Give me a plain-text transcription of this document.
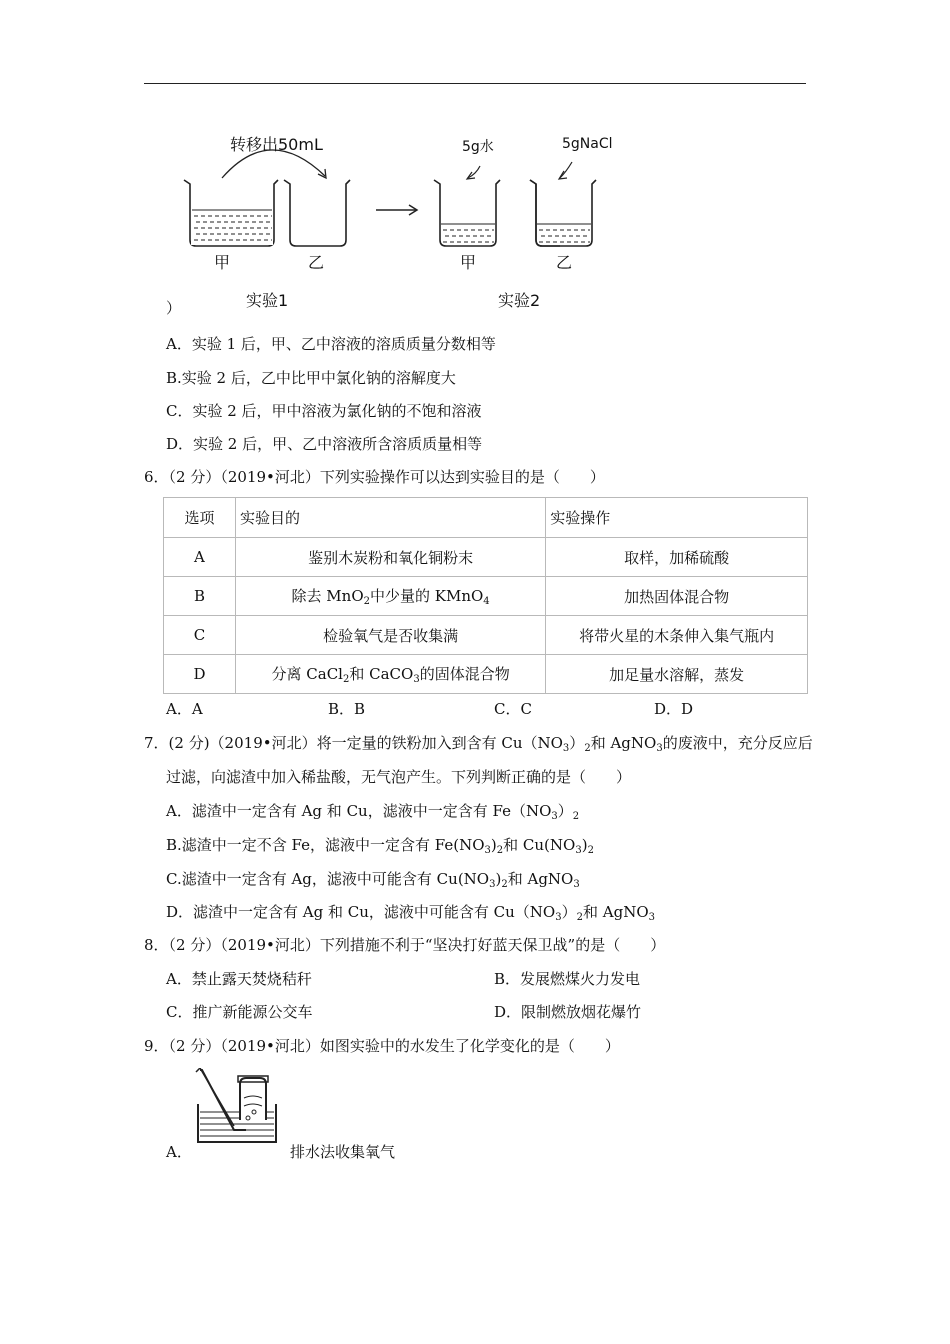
转移出50mL	5g水	5gNaCl
甲	乙	甲	乙
实验1	实验2
）
A．实验 1 后，甲、乙中溶液的溶质质量分数相等
B.实验 2 后，乙中比甲中氯化钠的溶解度大
C．实验 2 后，甲中溶液为氯化钠的不饱和溶液
D．实验 2 后，甲、乙中溶液所含溶质质量相等
6．（2 分）（2019•河北）下列实验操作可以达到实验目的是（　　）
选项	实验目的	实验操作
A	鉴别木炭粉和氧化铜粉末	取样，加稀硫酸
B	除去 MnO$_2$中少量的 KMnO$_4$	加热固体混合物
C	检验氧气是否收集满	将带火星的木条伸入集气瓶内
D	分离 CaCl$_2$和 CaCO$_3$的固体混合物	加足量水溶解，蒸发
A．A	B．B	C．C	D．D
7．(2 分)（2019•河北）将一定量的铁粉加入到含有 $Cu(NO_3)_2$和 AgNO$_3$的废液中，充分反应后
过滤，向滤渣中加入稀盐酸，无气泡产生。下列判断正确的是（　　）
A．滤渣中一定含有 Ag 和 Cu，滤液中一定含有 $Fe(NO_3)_2$
B.滤渣中一定不含 Fe，滤液中一定含有 $Fe(NO_3)_2$和 $Cu(NO_3)_2$
C.滤渣中一定含有 Ag，滤液中可能含有 $Cu(NO_3)_2$和 AgNO$_3$
D．滤渣中一定含有 Ag 和 Cu，滤液中可能含有 $Cu(NO_3)_2$和 AgNO$_3$
8．（2 分）（2019•河北）下列措施不利于“坚决打好蓝天保卫战”的是（　　）
A．禁止露天焚烧秸秆	B．发展燃煤火力发电
C．推广新能源公交车	D．限制燃放烟花爆竹
9．（2 分）（2019•河北）如图实验中的水发生了化学变化的是（　　）
A．	排水法收集氧气
